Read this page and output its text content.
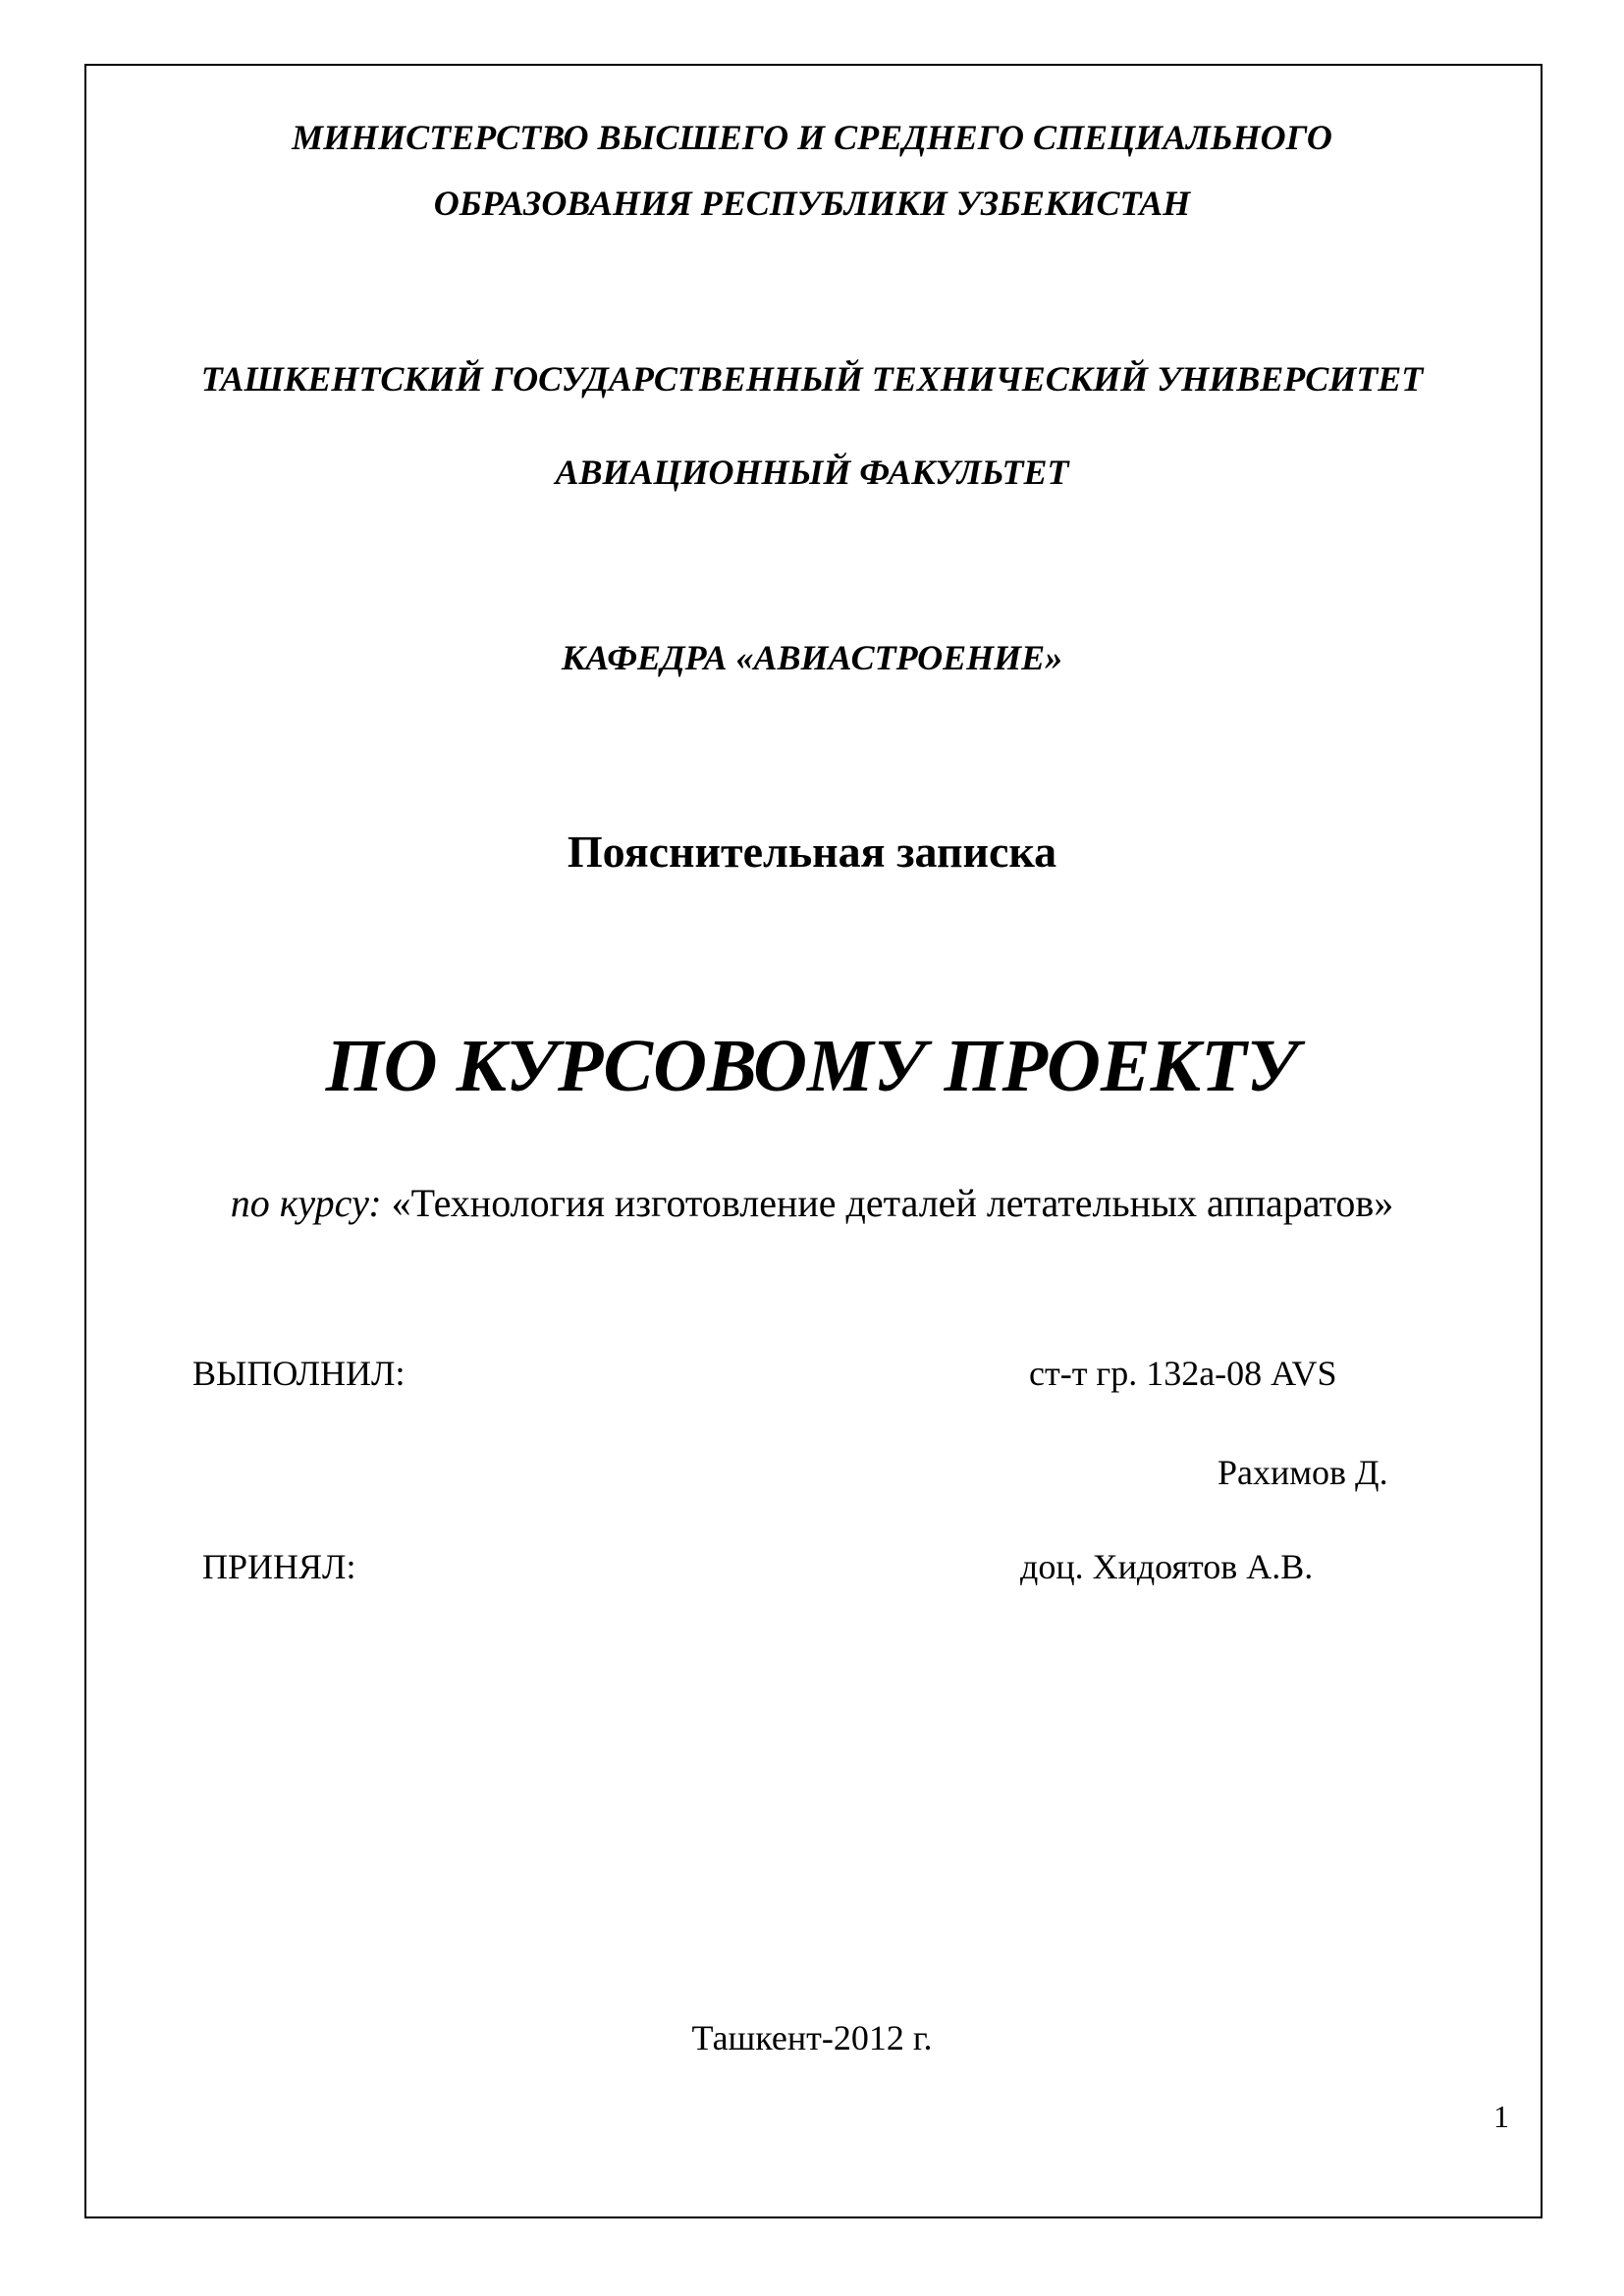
МИНИСТЕРСТВО ВЫСШЕГО И СРЕДНЕГО СПЕЦИАЛЬНОГО
ОБРАЗОВАНИЯ РЕСПУБЛИКИ УЗБЕКИСТАН
ТАШКЕНТСКИЙ ГОСУДАРСТВЕННЫЙ ТЕХНИЧЕСКИЙ УНИВЕРСИТЕТ
АВИАЦИОННЫЙ ФАКУЛЬТЕТ
КАФЕДРА «АВИАСТРОЕНИЕ»
Пояснительная записка
ПО КУРСОВОМУ ПРОЕКТУ
по курсу: «Технология изготовление деталей летательных аппаратов»
ВЫПОЛНИЛ:	ст-т гр. 132а-08 AVS
Рахимов Д.
ПРИНЯЛ:	доц. Хидоятов А.В.
Ташкент-2012 г.
1
